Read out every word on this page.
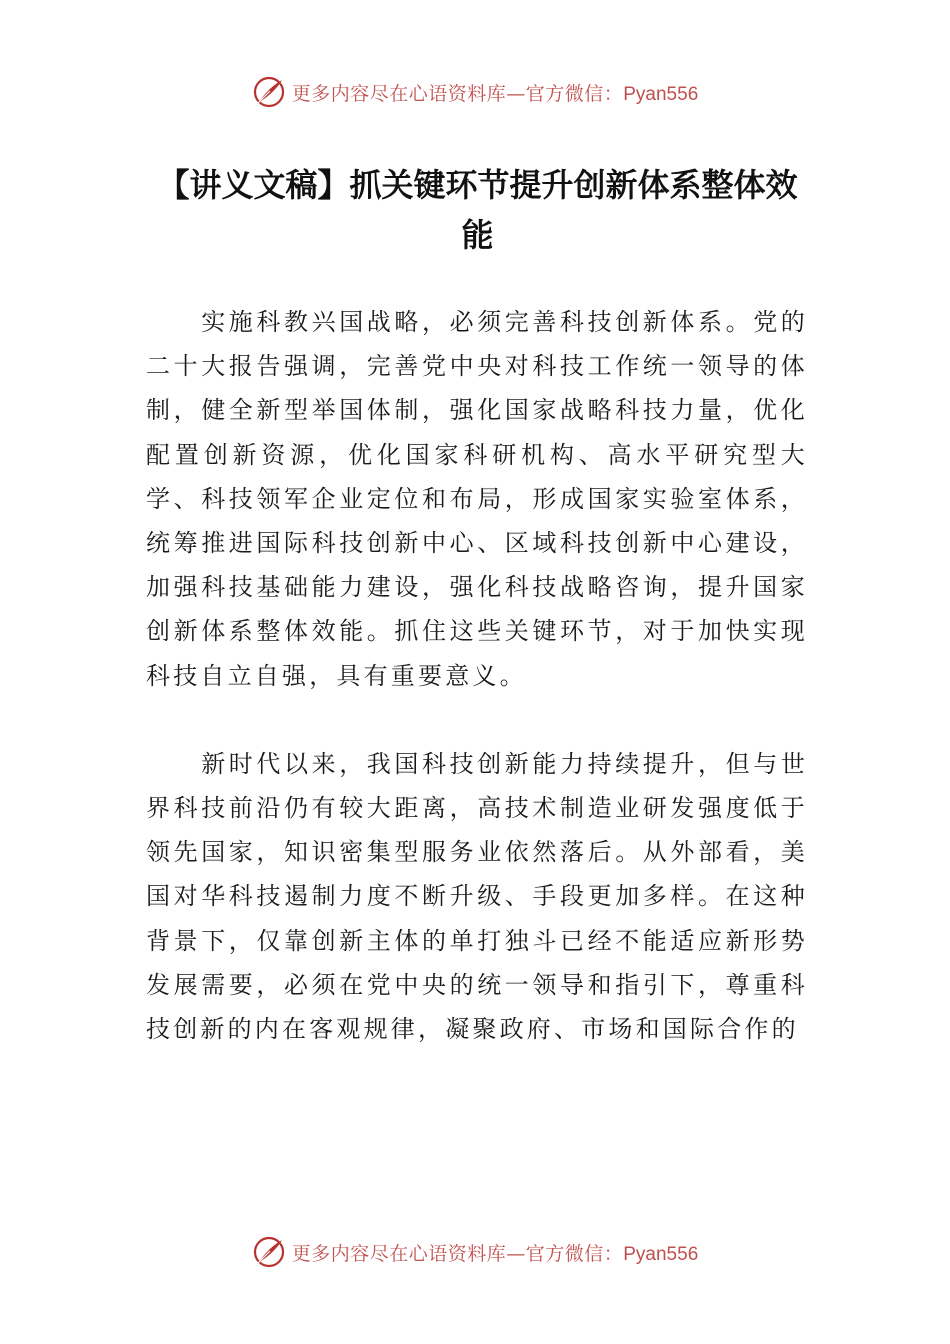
更多内容尽在心语资料库—官方微信：Pyan556
【讲义文稿】抓关键环节提升创新体系整体效能

实施科教兴国战略，必须完善科技创新体系。党的二十大报告强调，完善党中央对科技工作统一领导的体制，健全新型举国体制，强化国家战略科技力量，优化配置创新资源，优化国家科研机构、高水平研究型大学、科技领军企业定位和布局，形成国家实验室体系，统筹推进国际科技创新中心、区域科技创新中心建设，加强科技基础能力建设，强化科技战略咨询，提升国家创新体系整体效能。抓住这些关键环节，对于加快实现科技自立自强，具有重要意义。

新时代以来，我国科技创新能力持续提升，但与世界科技前沿仍有较大距离，高技术制造业研发强度低于领先国家，知识密集型服务业依然落后。从外部看，美国对华科技遏制力度不断升级、手段更加多样。在这种背景下，仅靠创新主体的单打独斗已经不能适应新形势发展需要，必须在党中央的统一领导和指引下，尊重科技创新的内在客观规律，凝聚政府、市场和国际合作的

更多内容尽在心语资料库—官方微信：Pyan556
